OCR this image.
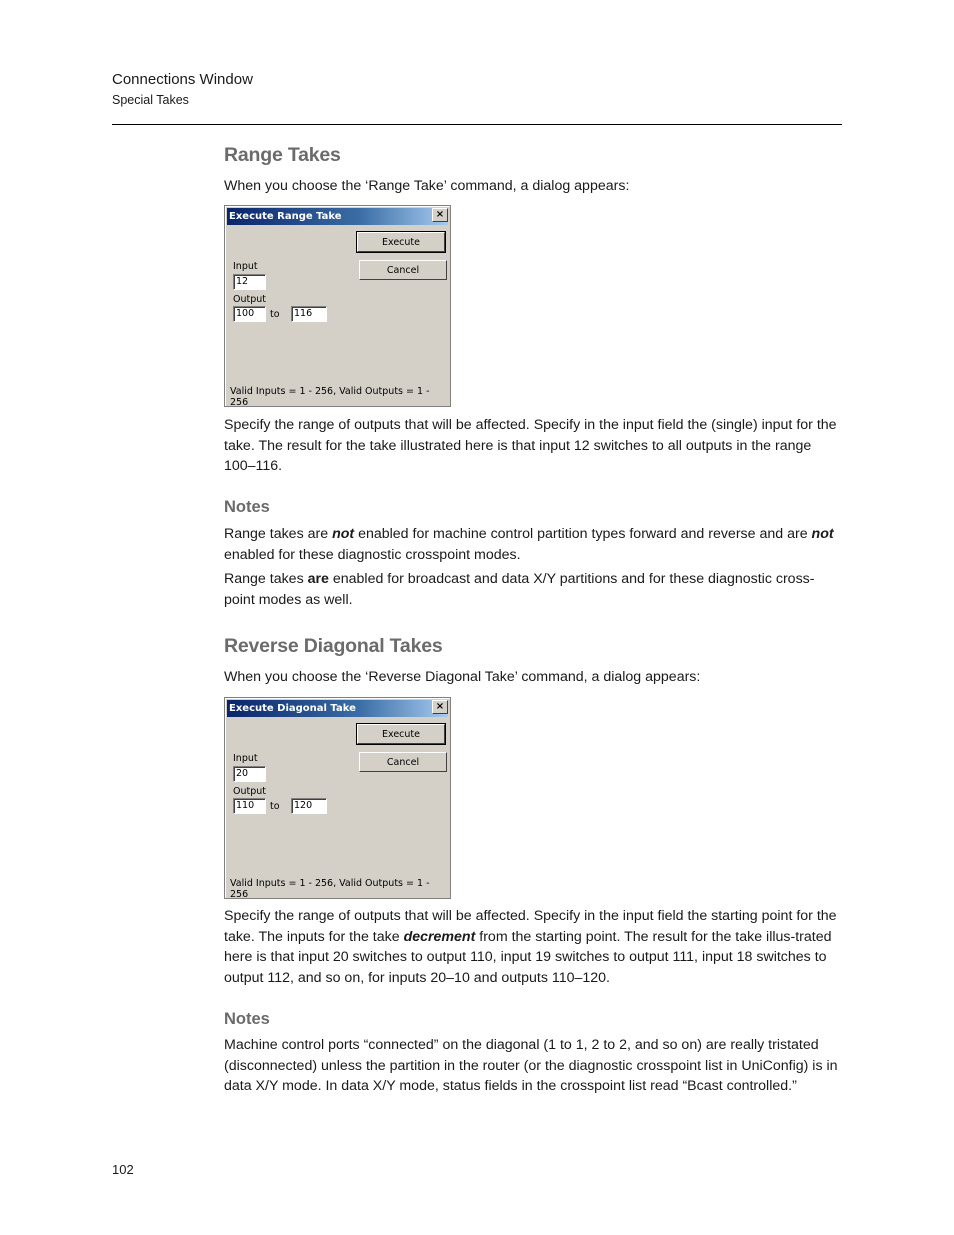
Connections Window
Special Takes
Range Takes

When you choose the ‘Range Take’ command, a dialog appears:

Execute Range Take	×
Execute
Cancel
Input
12
Output
100	to	116
Valid Inputs = 1 - 256, Valid Outputs = 1 - 256

Specify the range of outputs that will be affected. Specify in the input field the (single) input for the take. The result for the take illustrated here is that input 12 switches to all outputs in the range 100–116.

Notes

Range takes are not enabled for machine control partition types forward and reverse and are not enabled for these diagnostic crosspoint modes.

Range takes are enabled for broadcast and data X/Y partitions and for these diagnostic cross-point modes as well.

Reverse Diagonal Takes

When you choose the ‘Reverse Diagonal Take’ command, a dialog appears:

Execute Diagonal Take	×
Execute
Cancel
Input
20
Output
110	to	120
Valid Inputs = 1 - 256, Valid Outputs = 1 - 256

Specify the range of outputs that will be affected. Specify in the input field the starting point for the take. The inputs for the take decrement from the starting point. The result for the take illus-trated here is that input 20 switches to output 110, input 19 switches to output 111, input 18 switches to output 112, and so on, for inputs 20–10 and outputs 110–120.

Notes

Machine control ports “connected” on the diagonal (1 to 1, 2 to 2, and so on) are really tristated (disconnected) unless the partition in the router (or the diagnostic crosspoint list in UniConfig) is in data X/Y mode. In data X/Y mode, status fields in the crosspoint list read “Bcast controlled.”

102
